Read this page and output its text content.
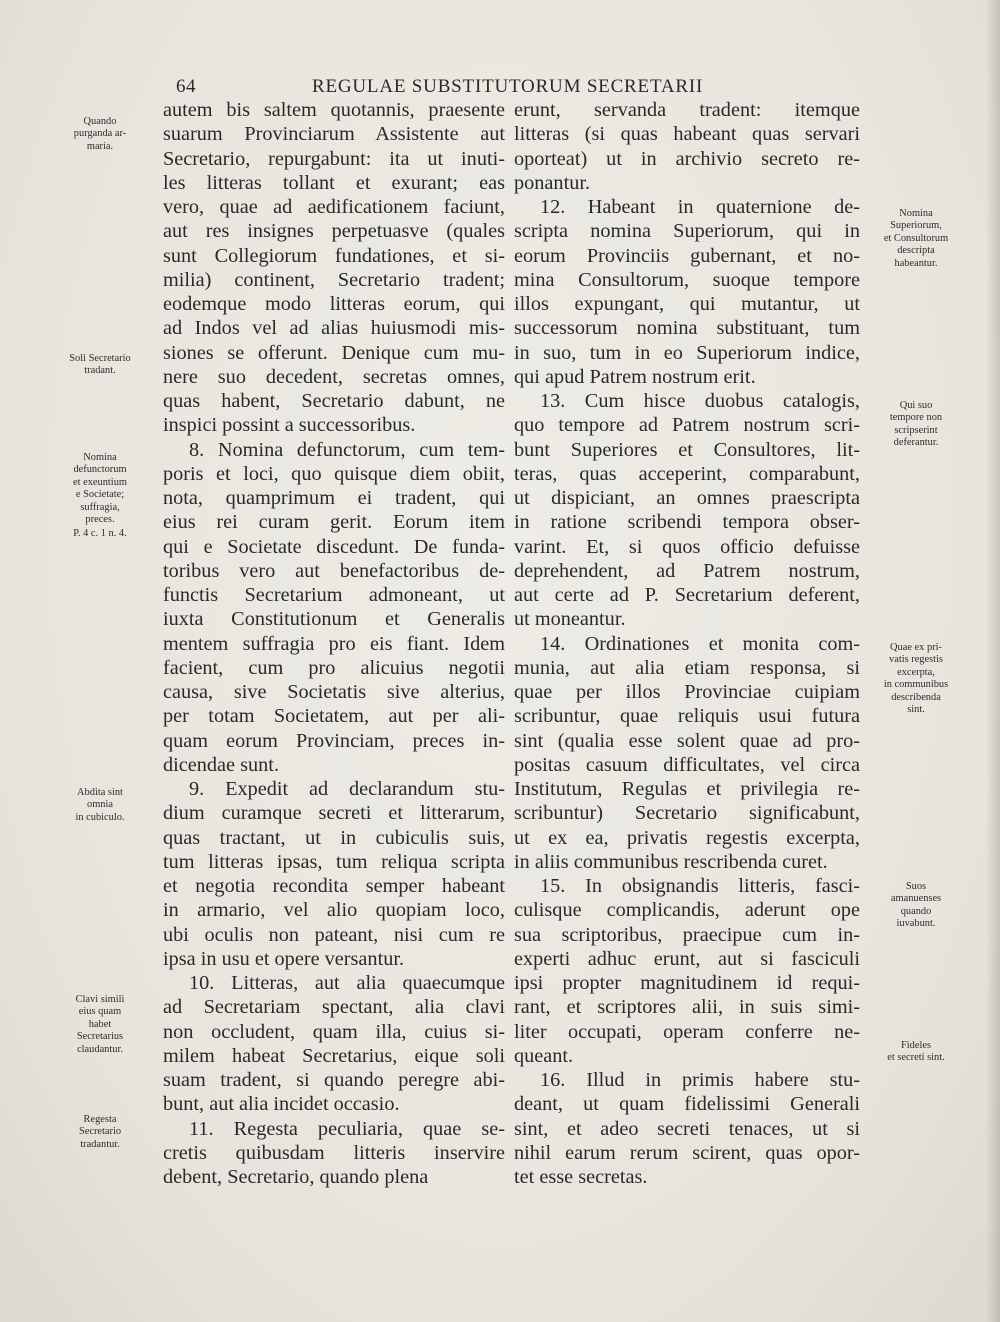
64	REGULAE SUBSTITUTORUM SECRETARII
autem bis saltem quotannis, praesente
suarum Provinciarum Assistente aut
Secretario, repurgabunt: ita ut inuti-
les litteras tollant et exurant; eas
vero, quae ad aedificationem faciunt,
aut res insignes perpetuasve (quales
sunt Collegiorum fundationes, et si-
milia) continent, Secretario tradent;
eodemque modo litteras eorum, qui
ad Indos vel ad alias huiusmodi mis-
siones se offerunt. Denique cum mu-
nere suo decedent, secretas omnes,
quas habent, Secretario dabunt, ne
inspici possint a successoribus.
8. Nomina defunctorum, cum tem-
poris et loci, quo quisque diem obiit,
nota, quamprimum ei tradent, qui
eius rei curam gerit. Eorum item
qui e Societate discedunt. De funda-
toribus vero aut benefactoribus de-
functis Secretarium admoneant, ut
iuxta Constitutionum et Generalis
mentem suffragia pro eis fiant. Idem
facient, cum pro alicuius negotii
causa, sive Societatis sive alterius,
per totam Societatem, aut per ali-
quam eorum Provinciam, preces in-
dicendae sunt.
9. Expedit ad declarandum stu-
dium curamque secreti et litterarum,
quas tractant, ut in cubiculis suis,
tum litteras ipsas, tum reliqua scripta
et negotia recondita semper habeant
in armario, vel alio quopiam loco,
ubi oculis non pateant, nisi cum re
ipsa in usu et opere versantur.
10. Litteras, aut alia quaecumque
ad Secretariam spectant, alia clavi
non occludent, quam illa, cuius si-
milem habeat Secretarius, eique soli
suam tradent, si quando peregre abi-
bunt, aut alia incidet occasio.
11. Regesta peculiaria, quae se-
cretis quibusdam litteris inservire
debent, Secretario, quando plena
erunt, servanda tradent: itemque
litteras (si quas habeant quas servari
oporteat) ut in archivio secreto re-
ponantur.
12. Habeant in quaternione de-
scripta nomina Superiorum, qui in
eorum Provinciis gubernant, et no-
mina Consultorum, suoque tempore
illos expungant, qui mutantur, ut
successorum nomina substituant, tum
in suo, tum in eo Superiorum indice,
qui apud Patrem nostrum erit.
13. Cum hisce duobus catalogis,
quo tempore ad Patrem nostrum scri-
bunt Superiores et Consultores, lit-
teras, quas acceperint, comparabunt,
ut dispiciant, an omnes praescripta
in ratione scribendi tempora obser-
varint. Et, si quos officio defuisse
deprehendent, ad Patrem nostrum,
aut certe ad P. Secretarium deferent,
ut moneantur.
14. Ordinationes et monita com-
munia, aut alia etiam responsa, si
quae per illos Provinciae cuipiam
scribuntur, quae reliquis usui futura
sint (qualia esse solent quae ad pro-
positas casuum difficultates, vel circa
Institutum, Regulas et privilegia re-
scribuntur) Secretario significabunt,
ut ex ea, privatis regestis excerpta,
in aliis communibus rescribenda curet.
15. In obsignandis litteris, fasci-
culisque complicandis, aderunt ope
sua scriptoribus, praecipue cum in-
experti adhuc erunt, aut si fasciculi
ipsi propter magnitudinem id requi-
rant, et scriptores alii, in suis simi-
liter occupati, operam conferre ne-
queant.
16. Illud in primis habere stu-
deant, ut quam fidelissimi Generali
sint, et adeo secreti tenaces, ut si
nihil earum rerum scirent, quas opor-
tet esse secretas.
Quando
purganda ar-
maria.
Soli Secretario
tradant.
Nomina
defunctorum
et exeuntium
e Societate;
suffragia,
preces.
P. 4 c. 1 n. 4.
Abdita sint
omnia
in cubiculo.
Clavi simili
eius quam
habet
Secretarius
claudantur.
Regesta
Secretario
tradantur.
Nomina
Superiorum,
et Consultorum
descripta
habeantur.
Qui suo
tempore non
scripserint
deferantur.
Quae ex pri-
vatis regestis
excerpta,
in communibus
describenda
sint.
Suos
amanuenses
quando
iuvabunt.
Fideles
et secreti sint.
